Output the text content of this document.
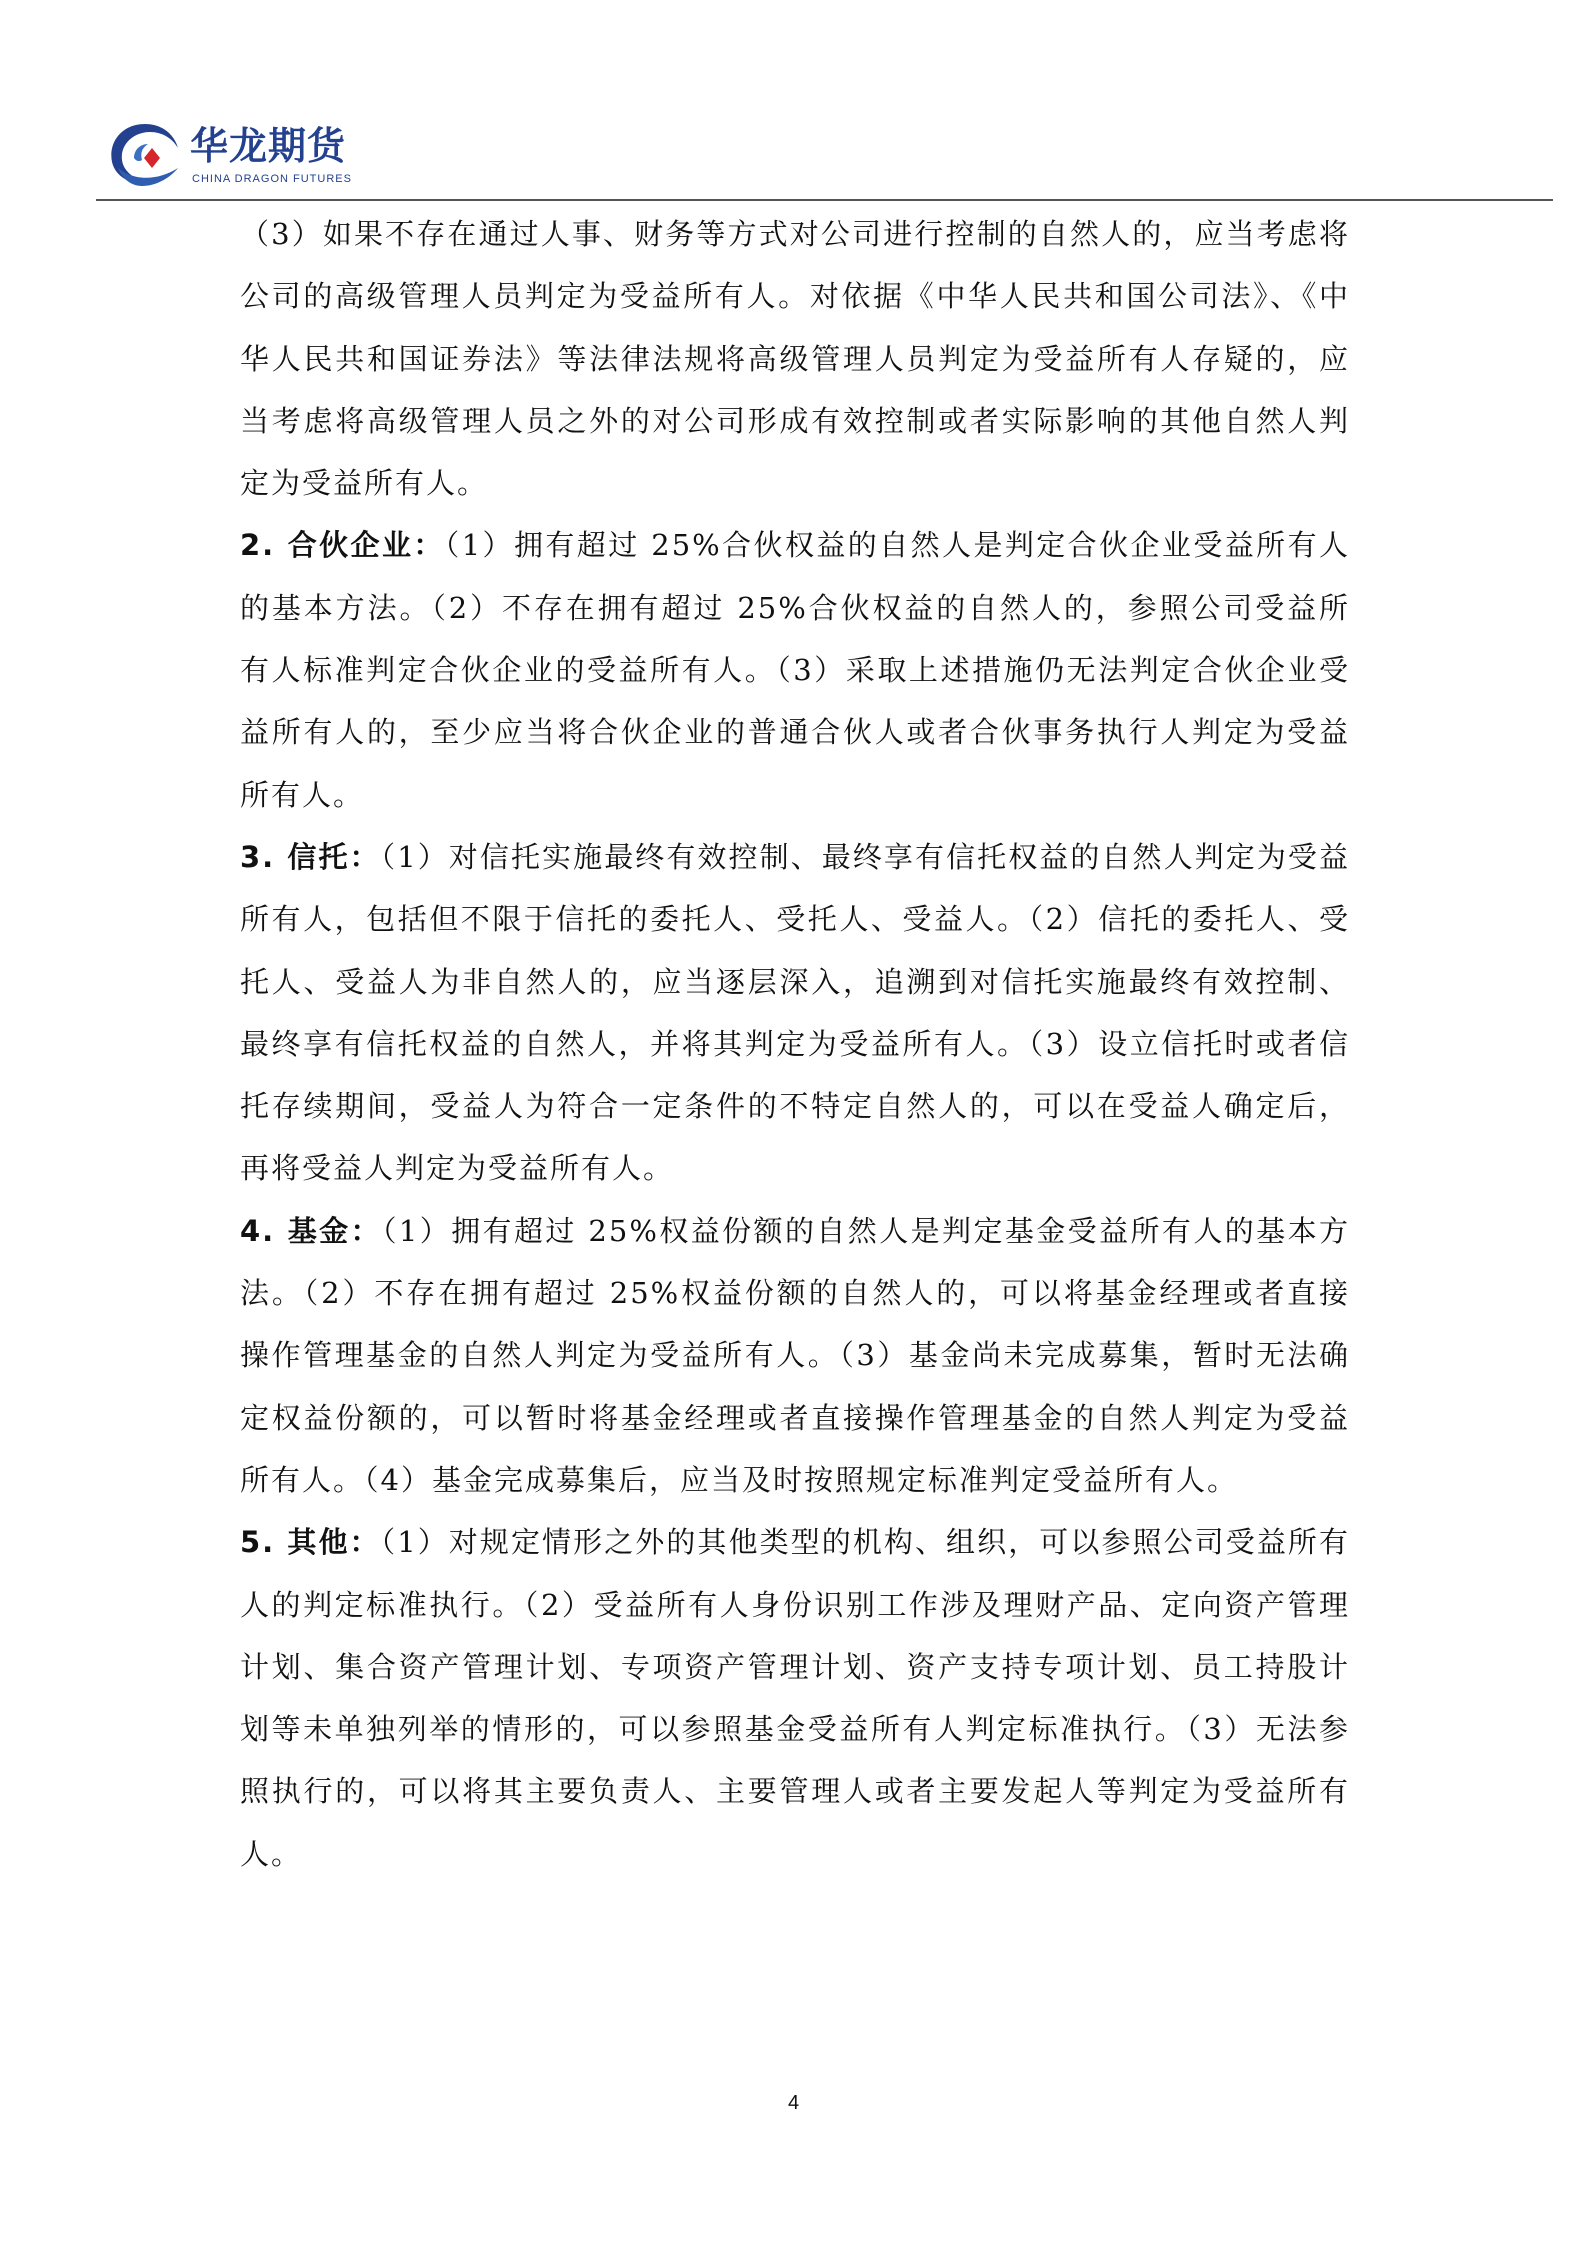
华龙期货
CHINA DRAGON FUTURES

（3）如果不存在通过人事、财务等方式对公司进行控制的自然人的，应当考虑将公司的高级管理人员判定为受益所有人。对依据《中华人民共和国公司法》、《中华人民共和国证券法》等法律法规将高级管理人员判定为受益所有人存疑的，应当考虑将高级管理人员之外的对公司形成有效控制或者实际影响的其他自然人判定为受益所有人。

2. 合伙企业：（1）拥有超过 25%合伙权益的自然人是判定合伙企业受益所有人的基本方法。（2）不存在拥有超过 25%合伙权益的自然人的，参照公司受益所有人标准判定合伙企业的受益所有人。（3）采取上述措施仍无法判定合伙企业受益所有人的，至少应当将合伙企业的普通合伙人或者合伙事务执行人判定为受益所有人。

3. 信托：（1）对信托实施最终有效控制、最终享有信托权益的自然人判定为受益所有人，包括但不限于信托的委托人、受托人、受益人。（2）信托的委托人、受托人、受益人为非自然人的，应当逐层深入，追溯到对信托实施最终有效控制、最终享有信托权益的自然人，并将其判定为受益所有人。（3）设立信托时或者信托存续期间，受益人为符合一定条件的不特定自然人的，可以在受益人确定后，再将受益人判定为受益所有人。

4. 基金：（1）拥有超过 25%权益份额的自然人是判定基金受益所有人的基本方法。（2）不存在拥有超过 25%权益份额的自然人的，可以将基金经理或者直接操作管理基金的自然人判定为受益所有人。（3）基金尚未完成募集，暂时无法确定权益份额的，可以暂时将基金经理或者直接操作管理基金的自然人判定为受益所有人。（4）基金完成募集后，应当及时按照规定标准判定受益所有人。

5. 其他：（1）对规定情形之外的其他类型的机构、组织，可以参照公司受益所有人的判定标准执行。（2）受益所有人身份识别工作涉及理财产品、定向资产管理计划、集合资产管理计划、专项资产管理计划、资产支持专项计划、员工持股计划等未单独列举的情形的，可以参照基金受益所有人判定标准执行。（3）无法参照执行的，可以将其主要负责人、主要管理人或者主要发起人等判定为受益所有人。

4
